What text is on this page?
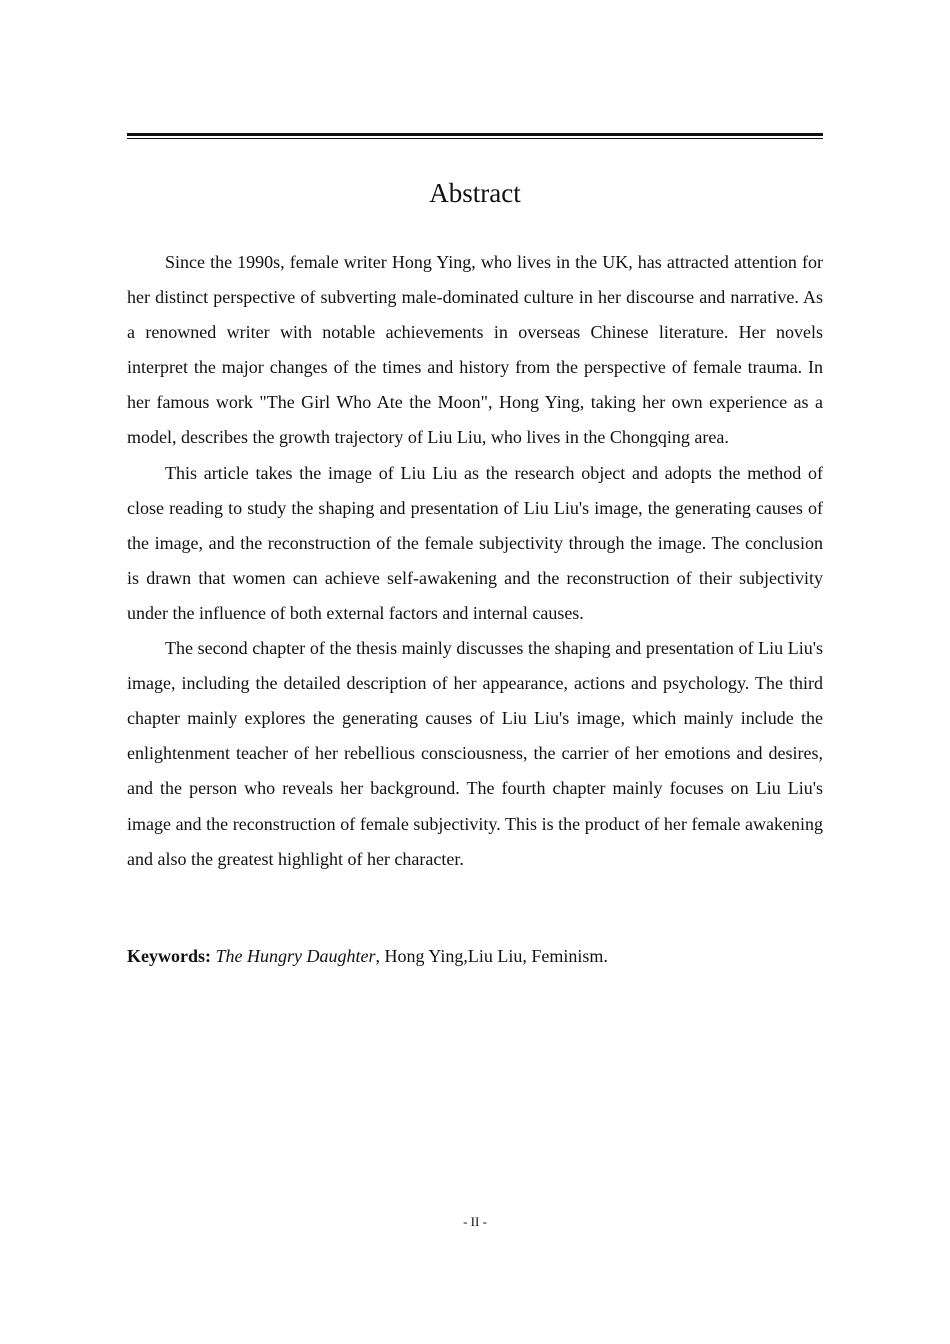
Abstract

Since the 1990s, female writer Hong Ying, who lives in the UK, has attracted attention for her distinct perspective of subverting male-dominated culture in her discourse and narrative. As a renowned writer with notable achievements in overseas Chinese literature. Her novels interpret the major changes of the times and history from the perspective of female trauma. In her famous work "The Girl Who Ate the Moon", Hong Ying, taking her own experience as a model, describes the growth trajectory of Liu Liu, who lives in the Chongqing area.

This article takes the image of Liu Liu as the research object and adopts the method of close reading to study the shaping and presentation of Liu Liu's image, the generating causes of the image, and the reconstruction of the female subjectivity through the image. The conclusion is drawn that women can achieve self-awakening and the reconstruction of their subjectivity under the influence of both external factors and internal causes.

The second chapter of the thesis mainly discusses the shaping and presentation of Liu Liu's image, including the detailed description of her appearance, actions and psychology. The third chapter mainly explores the generating causes of Liu Liu's image, which mainly include the enlightenment teacher of her rebellious consciousness, the carrier of her emotions and desires, and the person who reveals her background. The fourth chapter mainly focuses on Liu Liu's image and the reconstruction of female subjectivity. This is the product of her female awakening and also the greatest highlight of her character.

Keywords: The Hungry Daughter, Hong Ying,Liu Liu, Feminism.

- II -
